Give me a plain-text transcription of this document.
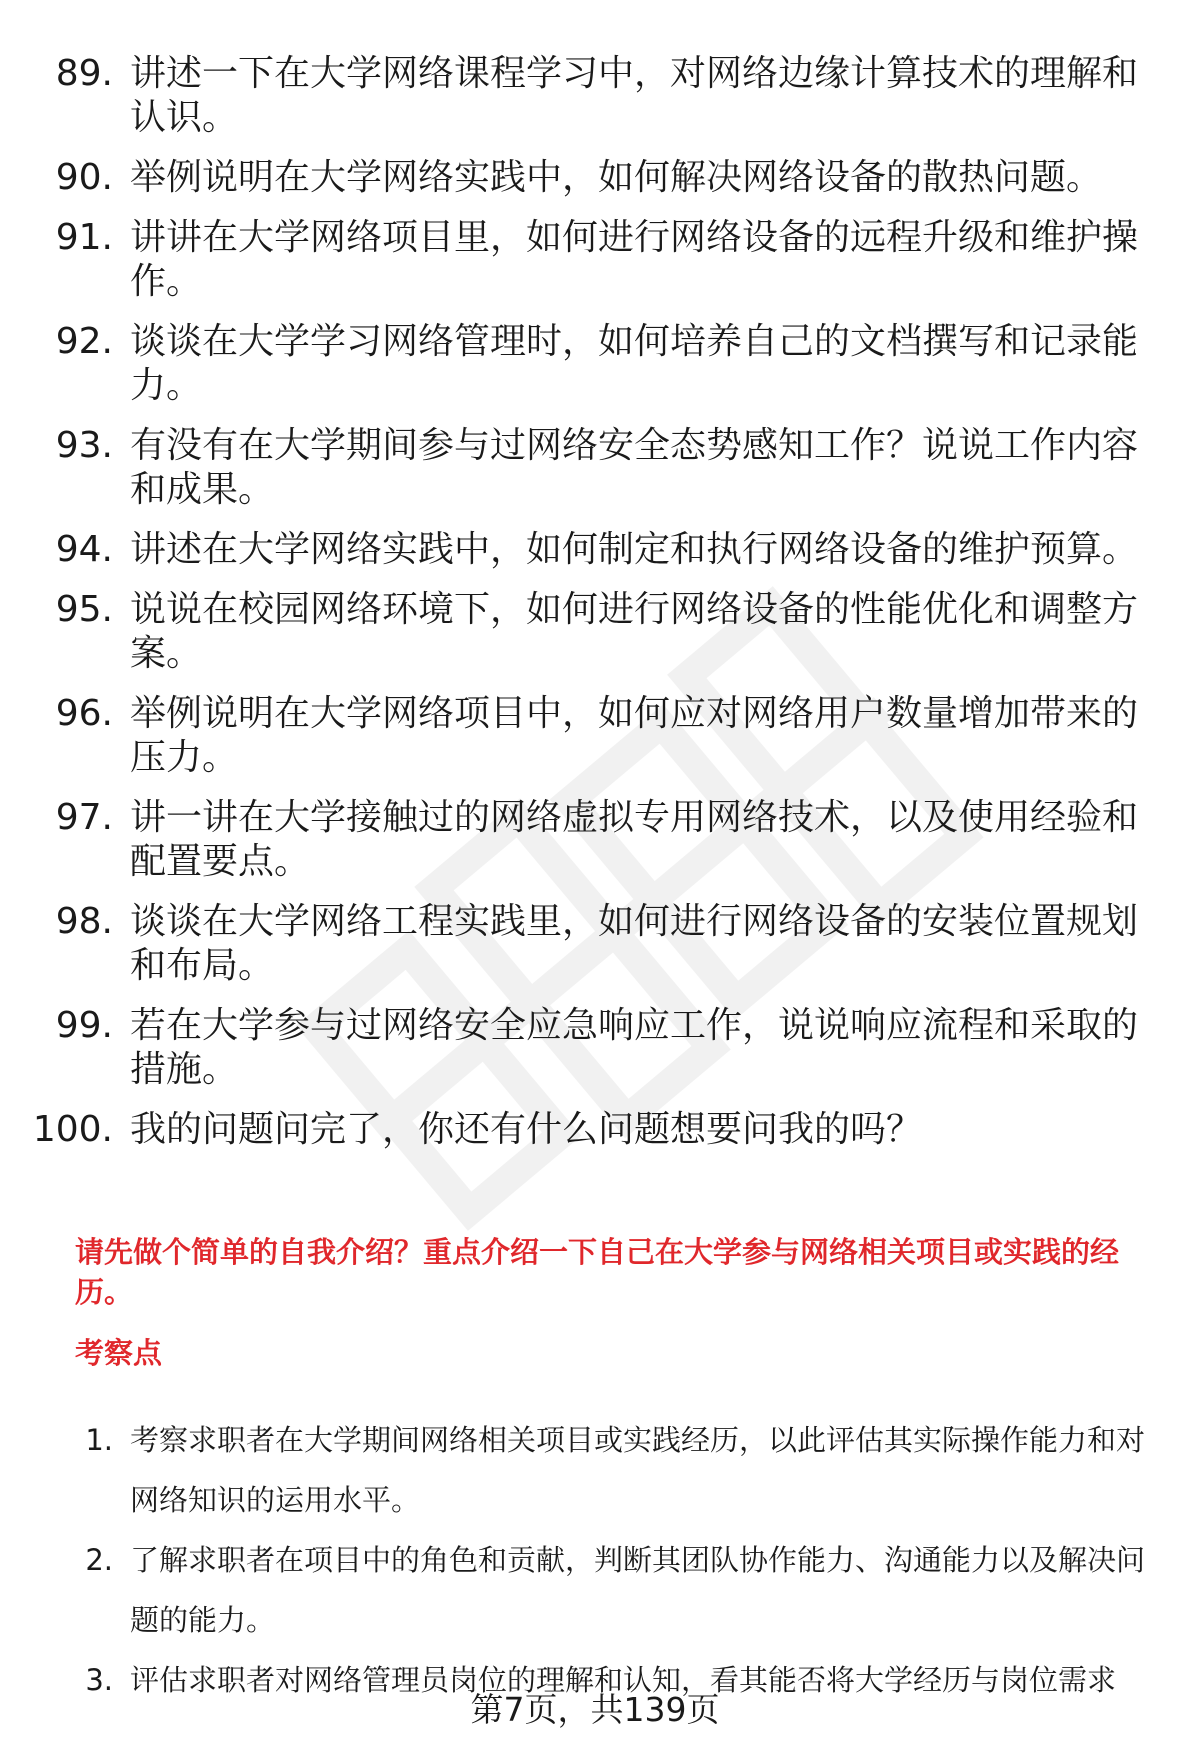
89. 讲述一下在大学网络课程学习中，对网络边缘计算技术的理解和认识。
90. 举例说明在大学网络实践中，如何解决网络设备的散热问题。
91. 讲讲在大学网络项目里，如何进行网络设备的远程升级和维护操作。
92. 谈谈在大学学习网络管理时，如何培养自己的文档撰写和记录能力。
93. 有没有在大学期间参与过网络安全态势感知工作？说说工作内容和成果。
94. 讲述在大学网络实践中，如何制定和执行网络设备的维护预算。
95. 说说在校园网络环境下，如何进行网络设备的性能优化和调整方案。
96. 举例说明在大学网络项目中，如何应对网络用户数量增加带来的压力。
97. 讲一讲在大学接触过的网络虚拟专用网络技术，以及使用经验和配置要点。
98. 谈谈在大学网络工程实践里，如何进行网络设备的安装位置规划和布局。
99. 若在大学参与过网络安全应急响应工作，说说响应流程和采取的措施。
100. 我的问题问完了，你还有什么问题想要问我的吗？
请先做个简单的自我介绍？重点介绍一下自己在大学参与网络相关项目或实践的经历。
考察点
1. 考察求职者在大学期间网络相关项目或实践经历，以此评估其实际操作能力和对网络知识的运用水平。
2. 了解求职者在项目中的角色和贡献，判断其团队协作能力、沟通能力以及解决问题的能力。
3. 评估求职者对网络管理员岗位的理解和认知，看其能否将大学经历与岗位需求
第7页，共139页
